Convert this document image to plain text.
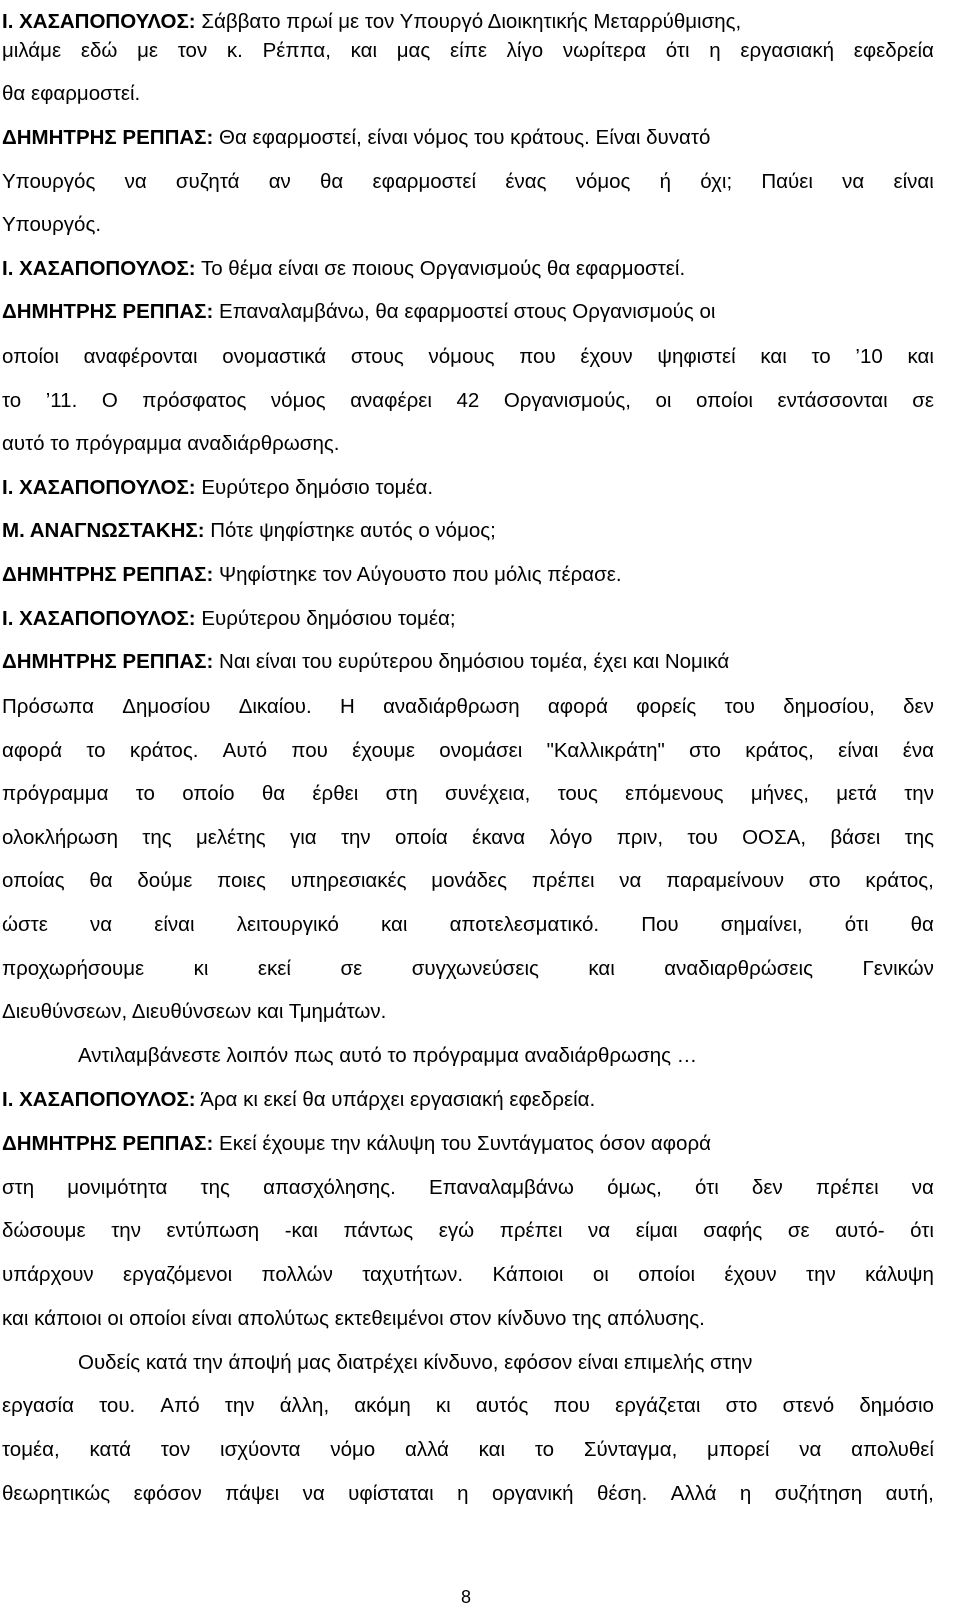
Ι. ΧΑΣΑΠΟΠΟΥΛΟΣ: Σάββατο πρωί με τον Υπουργό Διοικητικής Μεταρρύθμισης,
μιλάμε εδώ με τον κ. Ρέππα, και μας είπε λίγο νωρίτερα ότι η εργασιακή εφεδρεία
θα εφαρμοστεί.
ΔΗΜΗΤΡΗΣ ΡΕΠΠΑΣ: Θα εφαρμοστεί, είναι νόμος του κράτους. Είναι δυνατό
Υπουργός να συζητά αν θα εφαρμοστεί ένας νόμος ή όχι; Παύει να είναι
Υπουργός.
Ι. ΧΑΣΑΠΟΠΟΥΛΟΣ: Το θέμα είναι σε ποιους Οργανισμούς θα εφαρμοστεί.
ΔΗΜΗΤΡΗΣ ΡΕΠΠΑΣ: Επαναλαμβάνω, θα εφαρμοστεί στους Οργανισμούς οι
οποίοι αναφέρονται ονομαστικά στους νόμους που έχουν ψηφιστεί και το ’10 και
το ’11. Ο πρόσφατος νόμος αναφέρει 42 Οργανισμούς, οι οποίοι εντάσσονται σε
αυτό το πρόγραμμα αναδιάρθρωσης.
Ι. ΧΑΣΑΠΟΠΟΥΛΟΣ: Ευρύτερο δημόσιο τομέα.
Μ. ΑΝΑΓΝΩΣΤΑΚΗΣ: Πότε ψηφίστηκε αυτός ο νόμος;
ΔΗΜΗΤΡΗΣ ΡΕΠΠΑΣ: Ψηφίστηκε τον Αύγουστο που μόλις πέρασε.
Ι. ΧΑΣΑΠΟΠΟΥΛΟΣ: Ευρύτερου δημόσιου τομέα;
ΔΗΜΗΤΡΗΣ ΡΕΠΠΑΣ: Ναι είναι του ευρύτερου δημόσιου τομέα, έχει και Νομικά
Πρόσωπα Δημοσίου Δικαίου. Η αναδιάρθρωση αφορά φορείς του δημοσίου, δεν
αφορά το κράτος. Αυτό που έχουμε ονομάσει "Καλλικράτη" στο κράτος, είναι ένα
πρόγραμμα το οποίο θα έρθει στη συνέχεια, τους επόμενους μήνες, μετά την
ολοκλήρωση της μελέτης για την οποία έκανα λόγο πριν, του ΟΟΣΑ, βάσει της
οποίας θα δούμε ποιες υπηρεσιακές μονάδες πρέπει να παραμείνουν στο κράτος,
ώστε να είναι λειτουργικό και αποτελεσματικό. Που σημαίνει, ότι θα
προχωρήσουμε κι εκεί σε συγχωνεύσεις και αναδιαρθρώσεις Γενικών
Διευθύνσεων, Διευθύνσεων και Τμημάτων.
Αντιλαμβάνεστε λοιπόν πως αυτό το πρόγραμμα αναδιάρθρωσης …
Ι. ΧΑΣΑΠΟΠΟΥΛΟΣ: Άρα κι εκεί θα υπάρχει εργασιακή εφεδρεία.
ΔΗΜΗΤΡΗΣ ΡΕΠΠΑΣ: Εκεί έχουμε την κάλυψη του Συντάγματος όσον αφορά
στη μονιμότητα της απασχόλησης. Επαναλαμβάνω όμως, ότι δεν πρέπει να
δώσουμε την εντύπωση -και πάντως εγώ πρέπει να είμαι σαφής σε αυτό- ότι
υπάρχουν εργαζόμενοι πολλών ταχυτήτων. Κάποιοι οι οποίοι έχουν την κάλυψη
και κάποιοι οι οποίοι είναι απολύτως εκτεθειμένοι στον κίνδυνο της απόλυσης.
Ουδείς κατά την άποψή μας διατρέχει κίνδυνο, εφόσον είναι επιμελής στην
εργασία του. Από την άλλη, ακόμη κι αυτός που εργάζεται στο στενό δημόσιο
τομέα, κατά τον ισχύοντα νόμο αλλά και το Σύνταγμα, μπορεί να απολυθεί
θεωρητικώς εφόσον πάψει να υφίσταται η οργανική θέση. Αλλά η συζήτηση αυτή,
8
